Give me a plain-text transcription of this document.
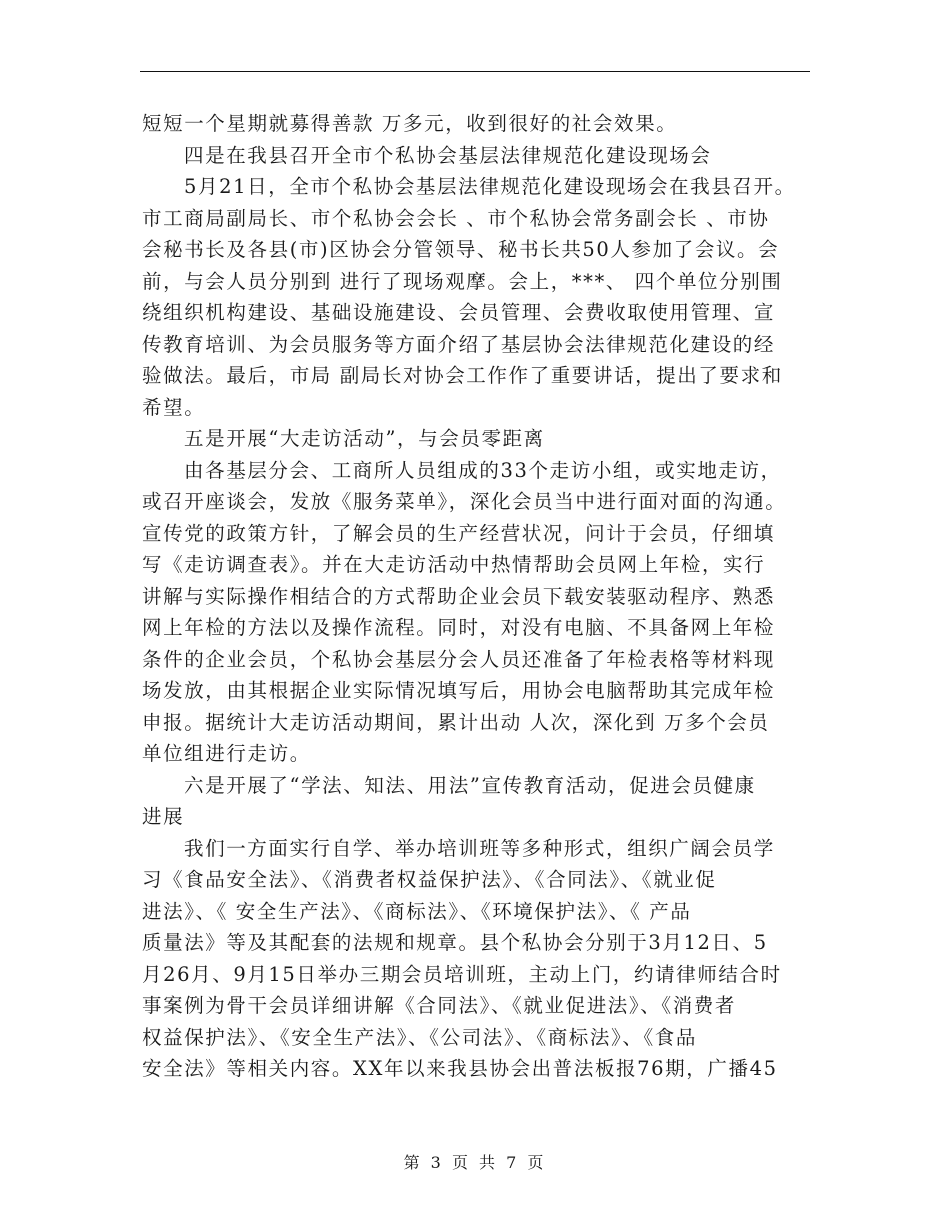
短短一个星期就募得善款 万多元，收到很好的社会效果。
四是在我县召开全市个私协会基层法律规范化建设现场会
5月21日，全市个私协会基层法律规范化建设现场会在我县召开。
市工商局副局长、市个私协会会长 、市个私协会常务副会长 、市协
会秘书长及各县(市)区协会分管领导、秘书长共50人参加了会议。会
前，与会人员分别到 进行了现场观摩。会上，***、 四个单位分别围
绕组织机构建设、基础设施建设、会员管理、会费收取使用管理、宣
传教育培训、为会员服务等方面介绍了基层协会法律规范化建设的经
验做法。最后，市局 副局长对协会工作作了重要讲话，提出了要求和
希望。
五是开展“大走访活动”，与会员零距离
由各基层分会、工商所人员组成的33个走访小组，或实地走访，
或召开座谈会，发放《服务菜单》，深化会员当中进行面对面的沟通。
宣传党的政策方针，了解会员的生产经营状况，问计于会员，仔细填
写《走访调查表》。并在大走访活动中热情帮助会员网上年检，实行
讲解与实际操作相结合的方式帮助企业会员下载安装驱动程序、熟悉
网上年检的方法以及操作流程。同时，对没有电脑、不具备网上年检
条件的企业会员，个私协会基层分会人员还准备了年检表格等材料现
场发放，由其根据企业实际情况填写后，用协会电脑帮助其完成年检
申报。据统计大走访活动期间，累计出动 人次，深化到 万多个会员
单位组进行走访。
六是开展了“学法、知法、用法”宣传教育活动，促进会员健康
进展
我们一方面实行自学、举办培训班等多种形式，组织广阔会员学
习《食品安全法》、《消费者权益保护法》、《合同法》、《就业促
进法》、《 安全生产法》、《商标法》、《环境保护法》、《 产品
质量法》等及其配套的法规和规章。县个私协会分别于3月12日、5
月26月、9月15日举办三期会员培训班，主动上门，约请律师结合时
事案例为骨干会员详细讲解《合同法》、《就业促进法》、《消费者
权益保护法》、《安全生产法》、《公司法》、《商标法》、《食品
安全法》等相关内容。XX年以来我县协会出普法板报76期，广播45
第 3 页 共 7 页
